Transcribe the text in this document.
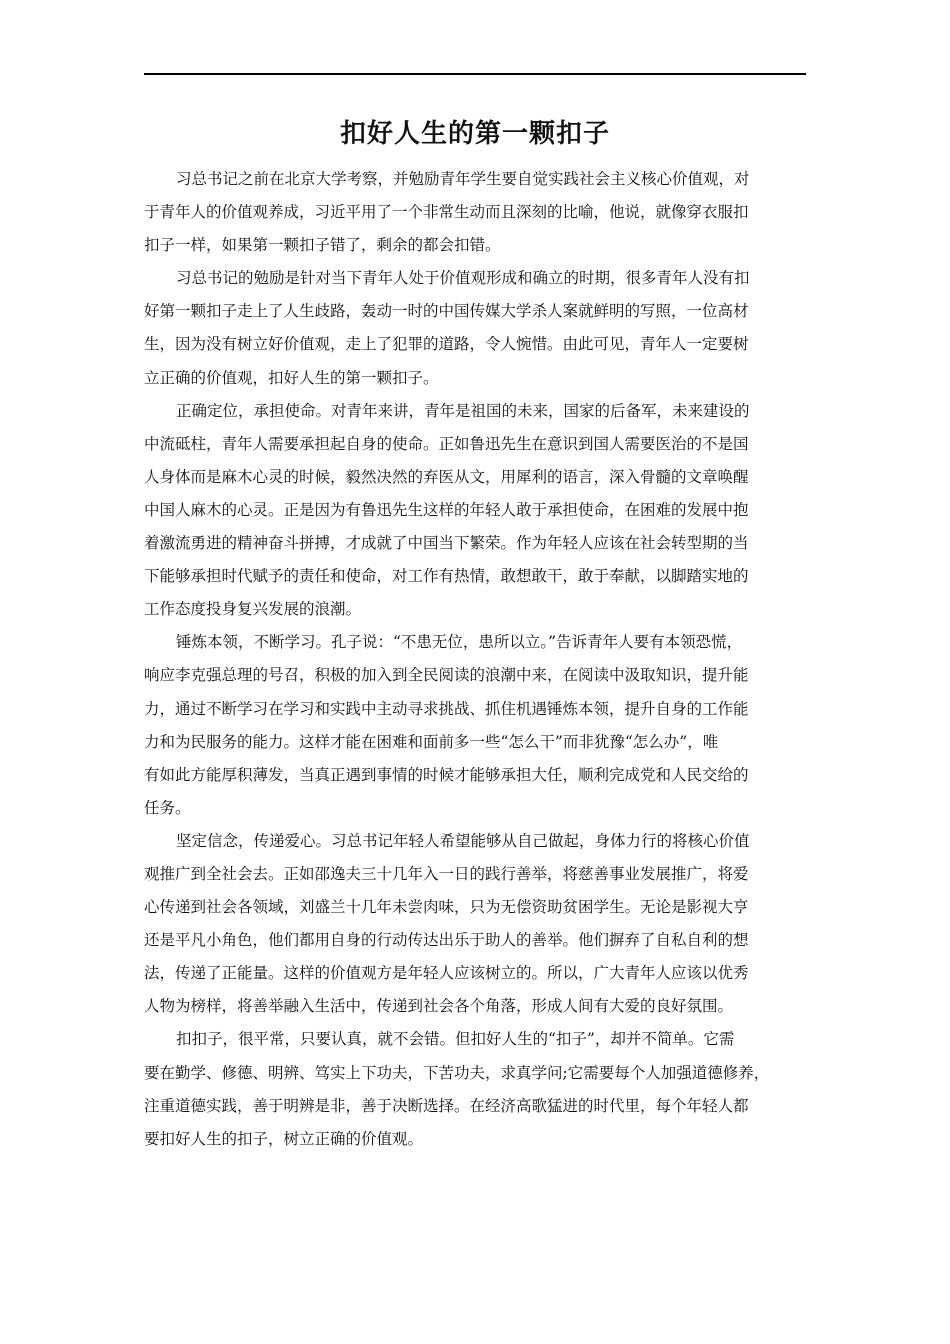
扣好人生的第一颗扣子
习总书记之前在北京大学考察，并勉励青年学生要自觉实践社会主义核心价值观，对
于青年人的价值观养成，习近平用了一个非常生动而且深刻的比喻，他说，就像穿衣服扣
扣子一样，如果第一颗扣子错了，剩余的都会扣错。
习总书记的勉励是针对当下青年人处于价值观形成和确立的时期，很多青年人没有扣
好第一颗扣子走上了人生歧路，轰动一时的中国传媒大学杀人案就鲜明的写照，一位高材
生，因为没有树立好价值观，走上了犯罪的道路，令人惋惜。由此可见，青年人一定要树
立正确的价值观，扣好人生的第一颗扣子。
正确定位，承担使命。对青年来讲，青年是祖国的未来，国家的后备军，未来建设的
中流砥柱，青年人需要承担起自身的使命。正如鲁迅先生在意识到国人需要医治的不是国
人身体而是麻木心灵的时候，毅然决然的弃医从文，用犀利的语言，深入骨髓的文章唤醒
中国人麻木的心灵。正是因为有鲁迅先生这样的年轻人敢于承担使命，在困难的发展中抱
着激流勇进的精神奋斗拼搏，才成就了中国当下繁荣。作为年轻人应该在社会转型期的当
下能够承担时代赋予的责任和使命，对工作有热情，敢想敢干，敢于奉献，以脚踏实地的
工作态度投身复兴发展的浪潮。
锤炼本领，不断学习。孔子说：“不患无位，患所以立。”告诉青年人要有本领恐慌，
响应李克强总理的号召，积极的加入到全民阅读的浪潮中来，在阅读中汲取知识，提升能
力，通过不断学习在学习和实践中主动寻求挑战、抓住机遇锤炼本领，提升自身的工作能
力和为民服务的能力。这样才能在困难和面前多一些“怎么干”而非犹豫“怎么办”，唯
有如此方能厚积薄发，当真正遇到事情的时候才能够承担大任，顺利完成党和人民交给的
任务。
坚定信念，传递爱心。习总书记年轻人希望能够从自己做起，身体力行的将核心价值
观推广到全社会去。正如邵逸夫三十几年入一日的践行善举，将慈善事业发展推广，将爱
心传递到社会各领域，刘盛兰十几年未尝肉味，只为无偿资助贫困学生。无论是影视大亨
还是平凡小角色，他们都用自身的行动传达出乐于助人的善举。他们摒弃了自私自利的想
法，传递了正能量。这样的价值观方是年轻人应该树立的。所以，广大青年人应该以优秀
人物为榜样，将善举融入生活中，传递到社会各个角落，形成人间有大爱的良好氛围。
扣扣子，很平常，只要认真，就不会错。但扣好人生的“扣子”，却并不简单。它需
要在勤学、修德、明辨、笃实上下功夫，下苦功夫，求真学问;它需要每个人加强道德修养，
注重道德实践，善于明辨是非，善于决断选择。在经济高歌猛进的时代里，每个年轻人都
要扣好人生的扣子，树立正确的价值观。
